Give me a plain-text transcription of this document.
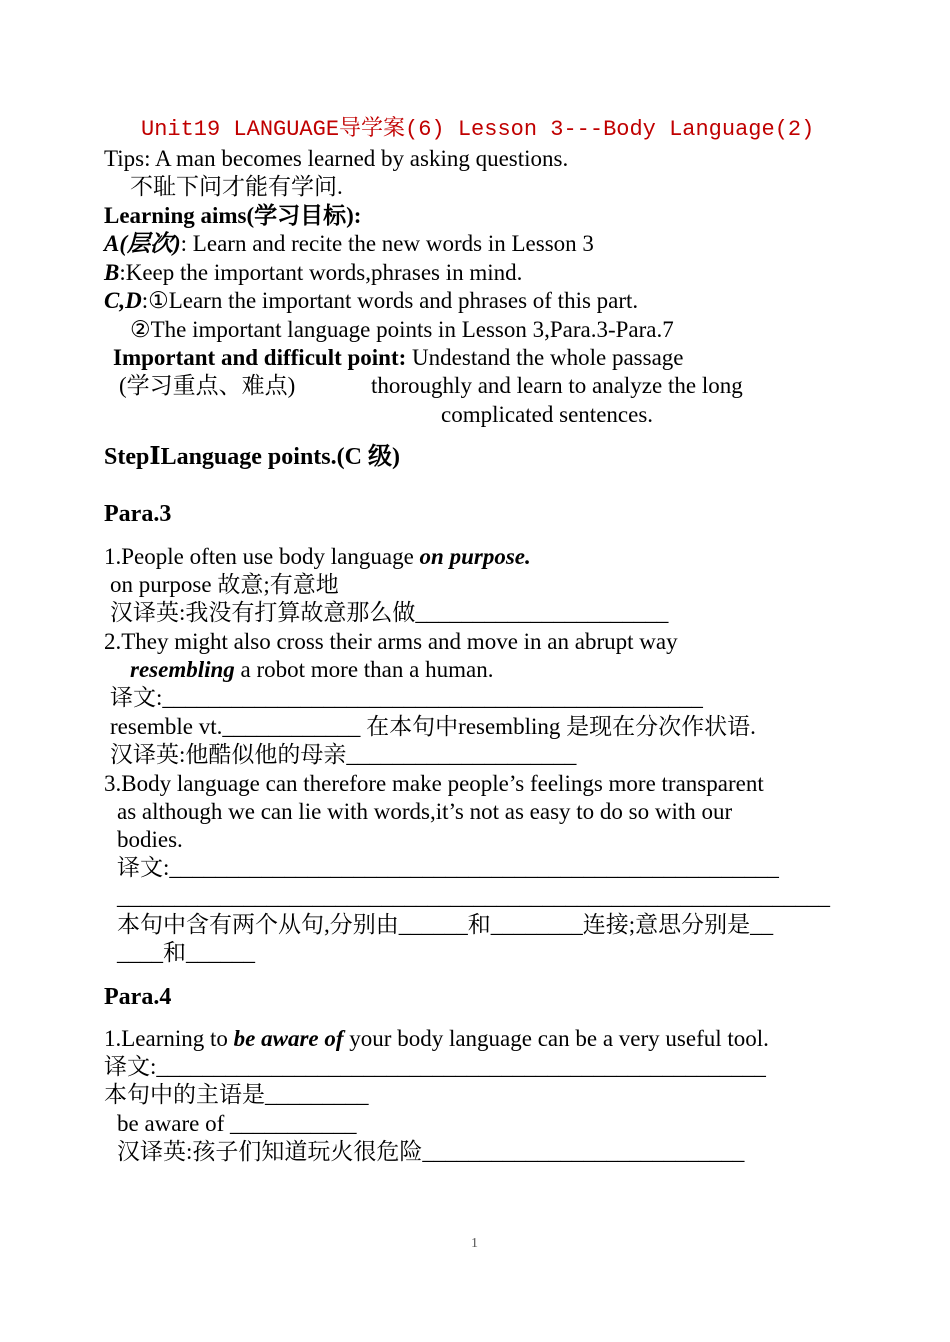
Unit19 LANGUAGE导学案(6) Lesson 3---Body Language(2)
Tips: A man becomes learned by asking questions.
不耻下问才能有学问.
Learning aims(学习目标):
A(层次): Learn and recite the new words in Lesson 3
B:Keep the important words,phrases in mind.
C,D:①Learn the important words and phrases of this part.
②The important language points in Lesson 3,Para.3-Para.7
Important and difficult point: Undestand the whole passage
(学习重点、难点)	thoroughly and learn to analyze the long
complicated sentences.
StepⅠLanguage points.(C 级)
Para.3
1.People often use body language on purpose.
on purpose 故意;有意地
汉译英:我没有打算故意那么做______________________
2.They might also cross their arms and move in an abrupt way
resembling a robot more than a human.
译文:_______________________________________________
resemble vt.____________ 在本句中resembling 是现在分次作状语.
汉译英:他酷似他的母亲____________________
3.Body language can therefore make people’s feelings more transparent
as although we can lie with words,it’s not as easy to do so with our
bodies.
译文:_____________________________________________________
______________________________________________________________
本句中含有两个从句,分别由______和________连接;意思分别是__
____和______
Para.4
1.Learning to be aware of your body language can be a very useful tool.
译文:_____________________________________________________
本句中的主语是_________
be aware of ___________
汉译英:孩子们知道玩火很危险____________________________
1
